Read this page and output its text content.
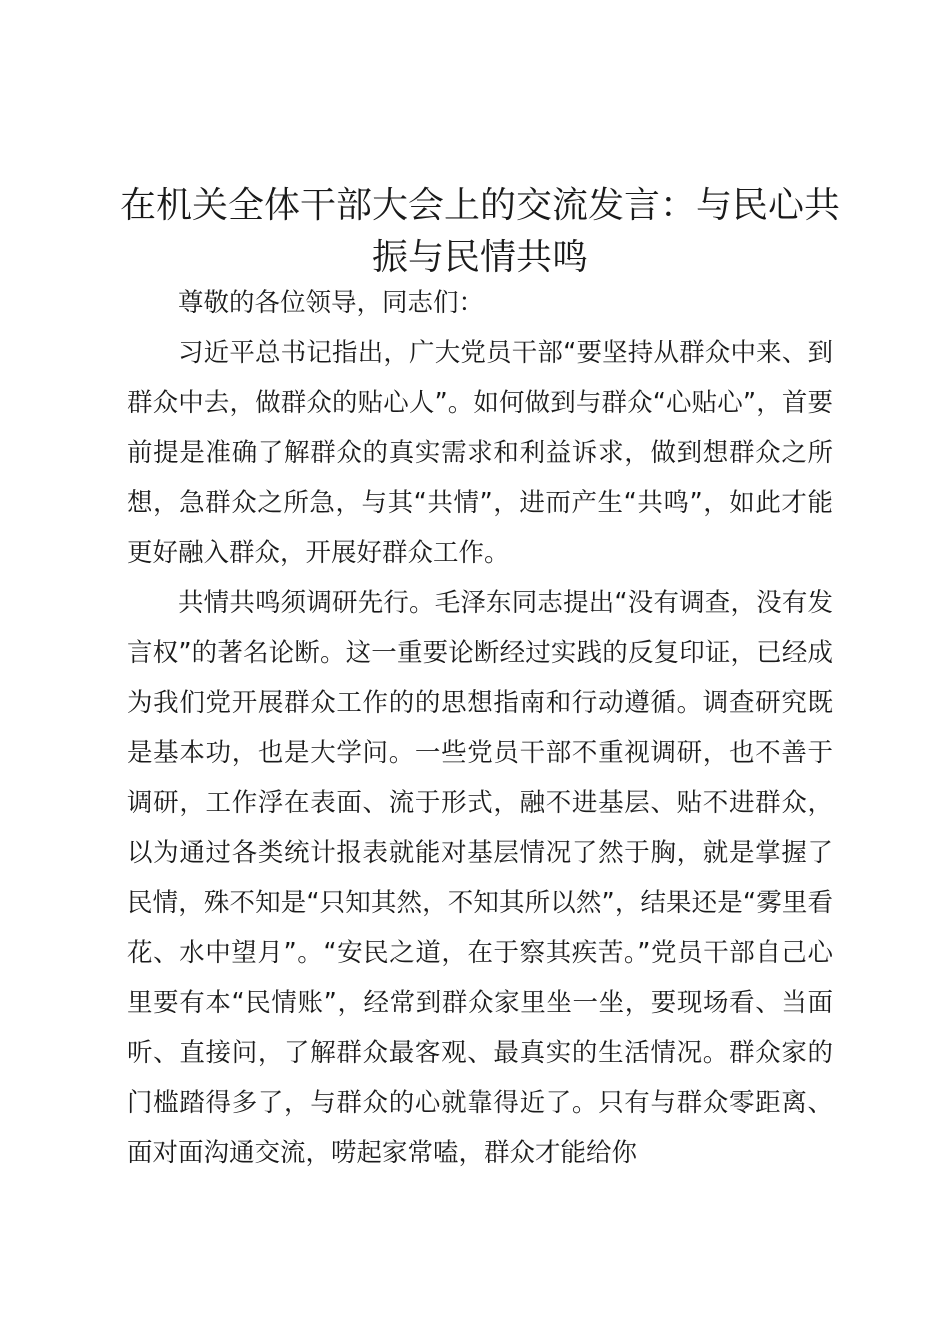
在机关全体干部大会上的交流发言：与民心共
振与民情共鸣

尊敬的各位领导，同志们：

习近平总书记指出，广大党员干部“要坚持从群众中来、到群众中去，做群众的贴心人”。如何做到与群众“心贴心”，首要前提是准确了解群众的真实需求和利益诉求，做到想群众之所想，急群众之所急，与其“共情”，进而产生“共鸣”，如此才能更好融入群众，开展好群众工作。

共情共鸣须调研先行。毛泽东同志提出“没有调查，没有发言权”的著名论断。这一重要论断经过实践的反复印证，已经成为我们党开展群众工作的的思想指南和行动遵循。调查研究既是基本功，也是大学问。一些党员干部不重视调研，也不善于调研，工作浮在表面、流于形式，融不进基层、贴不进群众，以为通过各类统计报表就能对基层情况了然于胸，就是掌握了民情，殊不知是“只知其然，不知其所以然”，结果还是“雾里看花、水中望月”。“安民之道，在于察其疾苦。”党员干部自己心里要有本“民情账”，经常到群众家里坐一坐，要现场看、当面听、直接问，了解群众最客观、最真实的生活情况。群众家的门槛踏得多了，与群众的心就靠得近了。只有与群众零距离、面对面沟通交流，唠起家常嗑，群众才能给你
